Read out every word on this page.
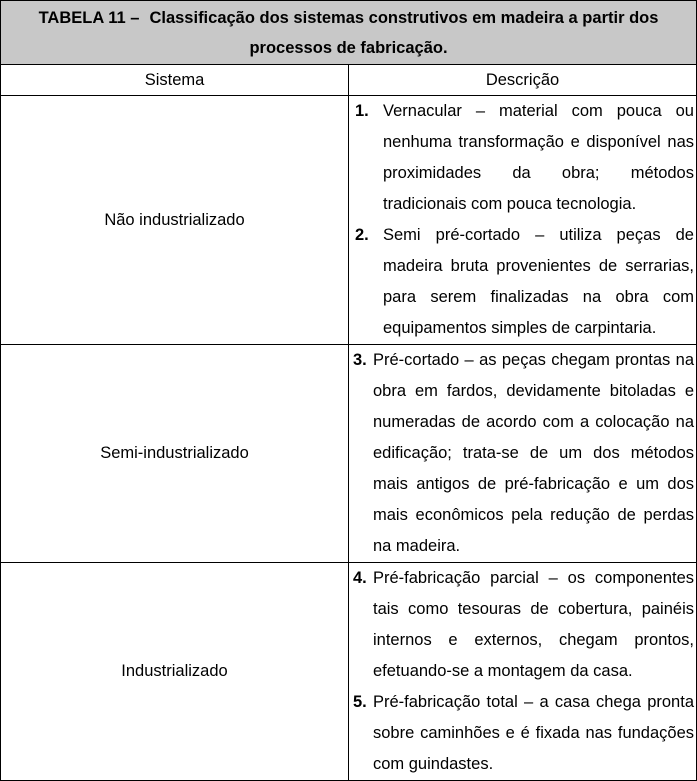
TABELA 11 – Classificação dos sistemas construtivos em madeira a partir dos processos de fabricação.	
Sistema	Descrição
Não industrializado	1. Vernacular – material com pouca ou nenhuma transformação e disponível nas proximidades da obra; métodos tradicionais com pouca tecnologia.
2. Semi pré-cortado – utiliza peças de madeira bruta provenientes de serrarias, para serem finalizadas na obra com equipamentos simples de carpintaria.

Semi-industrializado	3. Pré-cortado – as peças chegam prontas na obra em fardos, devidamente bitoladas e numeradas de acordo com a colocação na edificação; trata-se de um dos métodos mais antigos de pré-fabricação e um dos mais econômicos pela redução de perdas na madeira.

Industrializado	4. Pré-fabricação parcial – os componentes tais como tesouras de cobertura, painéis internos e externos, chegam prontos, efetuando-se a montagem da casa.
5. Pré-fabricação total – a casa chega pronta sobre caminhões e é fixada nas fundações com guindastes.
